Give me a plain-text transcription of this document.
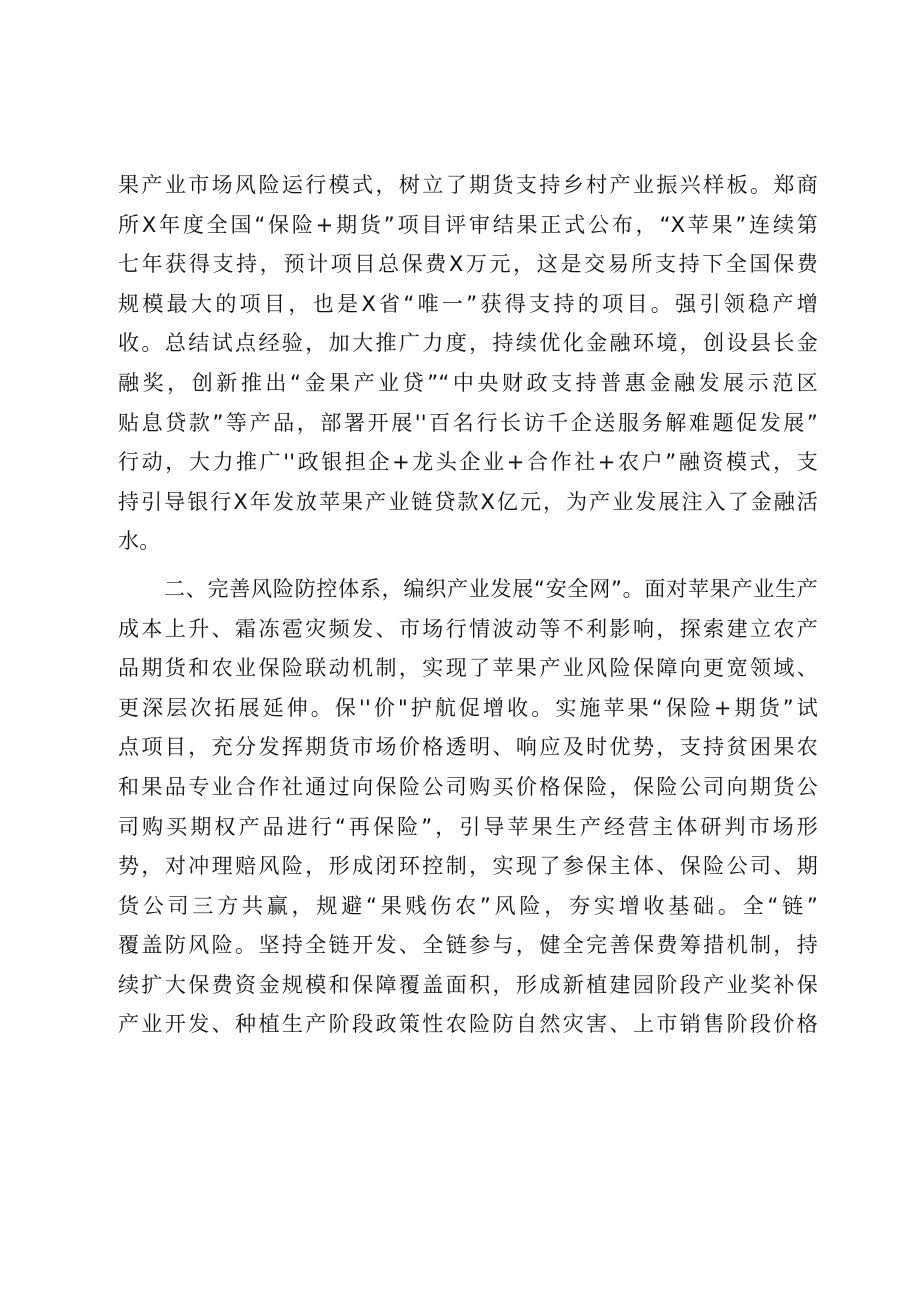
果产业市场风险运行模式，树立了期货支持乡村产业振兴样板。郑商
所X年度全国“保险+期货”项目评审结果正式公布，“X苹果”连续第
七年获得支持，预计项目总保费X万元，这是交易所支持下全国保费
规模最大的项目，也是X省“唯一”获得支持的项目。强引领稳产增
收。总结试点经验，加大推广力度，持续优化金融环境，创设县长金
融奖，创新推出“金果产业贷”“中央财政支持普惠金融发展示范区
贴息贷款”等产品，部署开展''百名行长访千企送服务解难题促发展”
行动，大力推广''政银担企+龙头企业+合作社+农户”融资模式，支
持引导银行X年发放苹果产业链贷款X亿元，为产业发展注入了金融活
水。
二、完善风险防控体系，编织产业发展“安全网”。面对苹果产业生产
成本上升、霜冻雹灾频发、市场行情波动等不利影响，探索建立农产
品期货和农业保险联动机制，实现了苹果产业风险保障向更宽领域、
更深层次拓展延伸。保''价"护航促增收。实施苹果“保险+期货”试
点项目，充分发挥期货市场价格透明、响应及时优势，支持贫困果农
和果品专业合作社通过向保险公司购买价格保险，保险公司向期货公
司购买期权产品进行“再保险”，引导苹果生产经营主体研判市场形
势，对冲理赔风险，形成闭环控制，实现了参保主体、保险公司、期
货公司三方共赢，规避“果贱伤农”风险，夯实增收基础。全“链”
覆盖防风险。坚持全链开发、全链参与，健全完善保费筹措机制，持
续扩大保费资金规模和保障覆盖面积，形成新植建园阶段产业奖补保
产业开发、种植生产阶段政策性农险防自然灾害、上市销售阶段价格
